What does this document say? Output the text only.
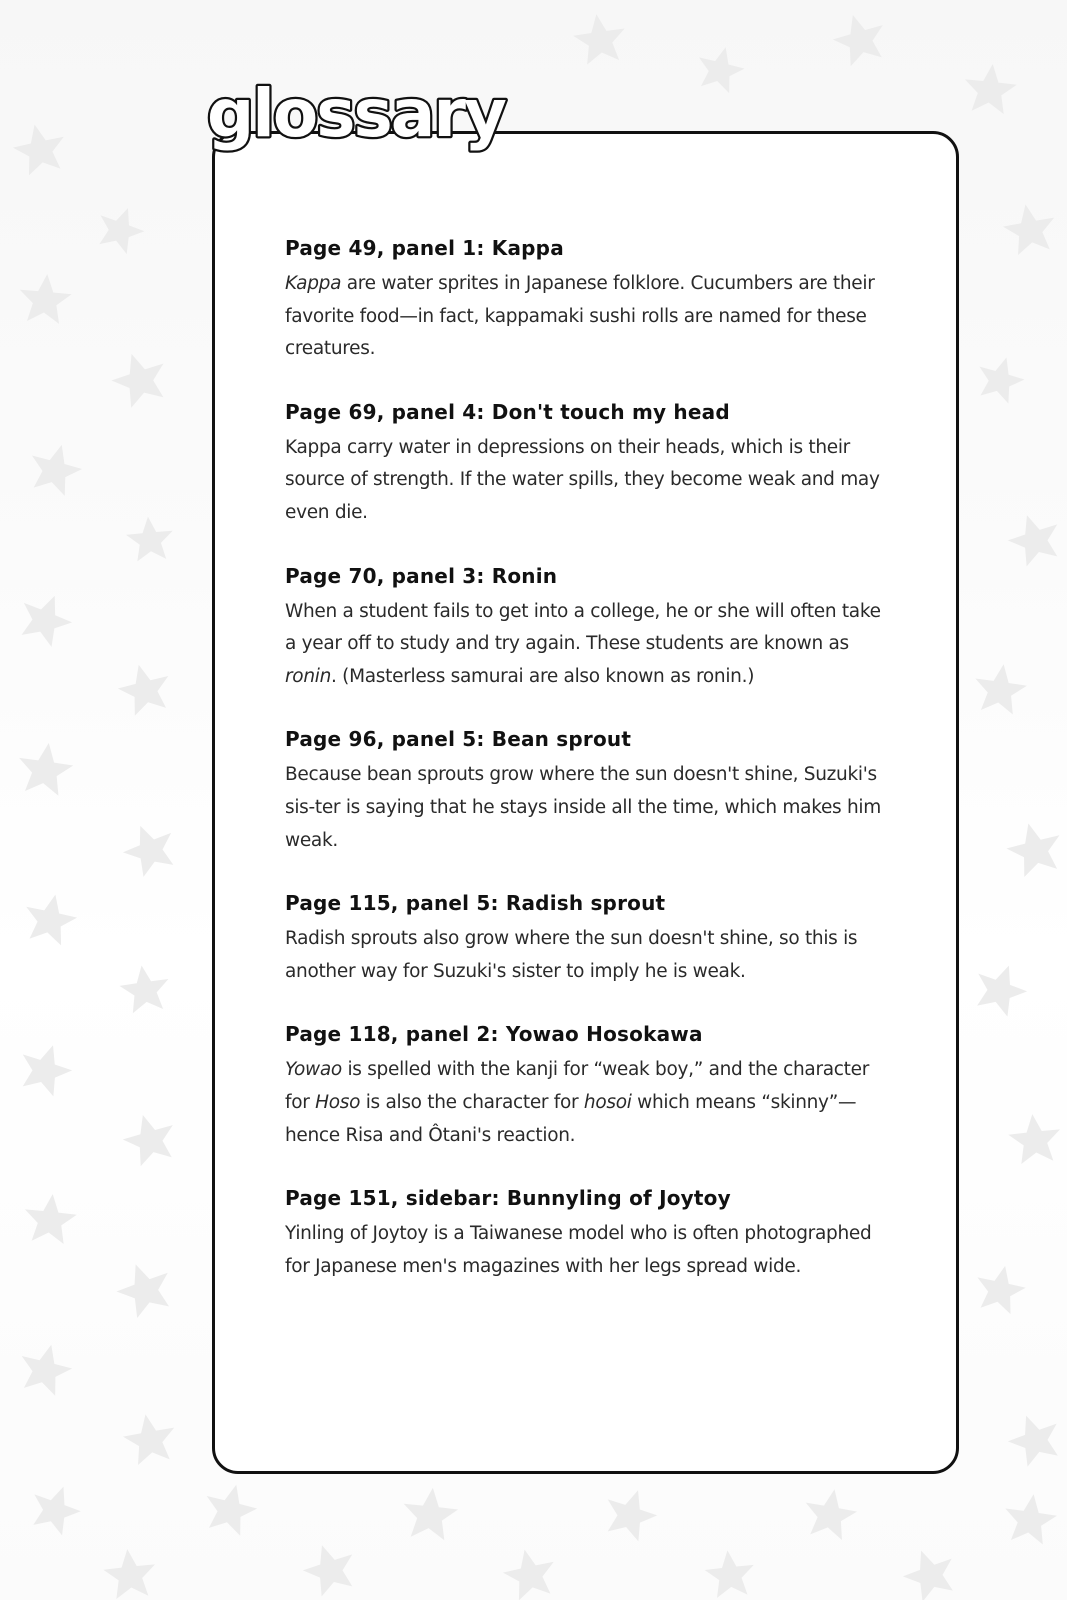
glossary
Page 49, panel 1: Kappa

Kappa are water sprites in Japanese folklore. Cucumbers are their favorite food—in fact, kappamaki sushi rolls are named for these creatures.

Page 69, panel 4: Don't touch my head

Kappa carry water in depressions on their heads, which is their source of strength. If the water spills, they become weak and may even die.

Page 70, panel 3: Ronin

When a student fails to get into a college, he or she will often take a year off to study and try again. These students are known as ronin. (Masterless samurai are also known as ronin.)

Page 96, panel 5: Bean sprout

Because bean sprouts grow where the sun doesn't shine, Suzuki's sis-ter is saying that he stays inside all the time, which makes him weak.

Page 115, panel 5: Radish sprout

Radish sprouts also grow where the sun doesn't shine, so this is another way for Suzuki's sister to imply he is weak.

Page 118, panel 2: Yowao Hosokawa

Yowao is spelled with the kanji for “weak boy,” and the character for Hoso is also the character for hosoi which means “skinny”—hence Risa and Ôtani's reaction.

Page 151, sidebar: Bunnyling of Joytoy

Yinling of Joytoy is a Taiwanese model who is often photographed for Japanese men's magazines with her legs spread wide.
